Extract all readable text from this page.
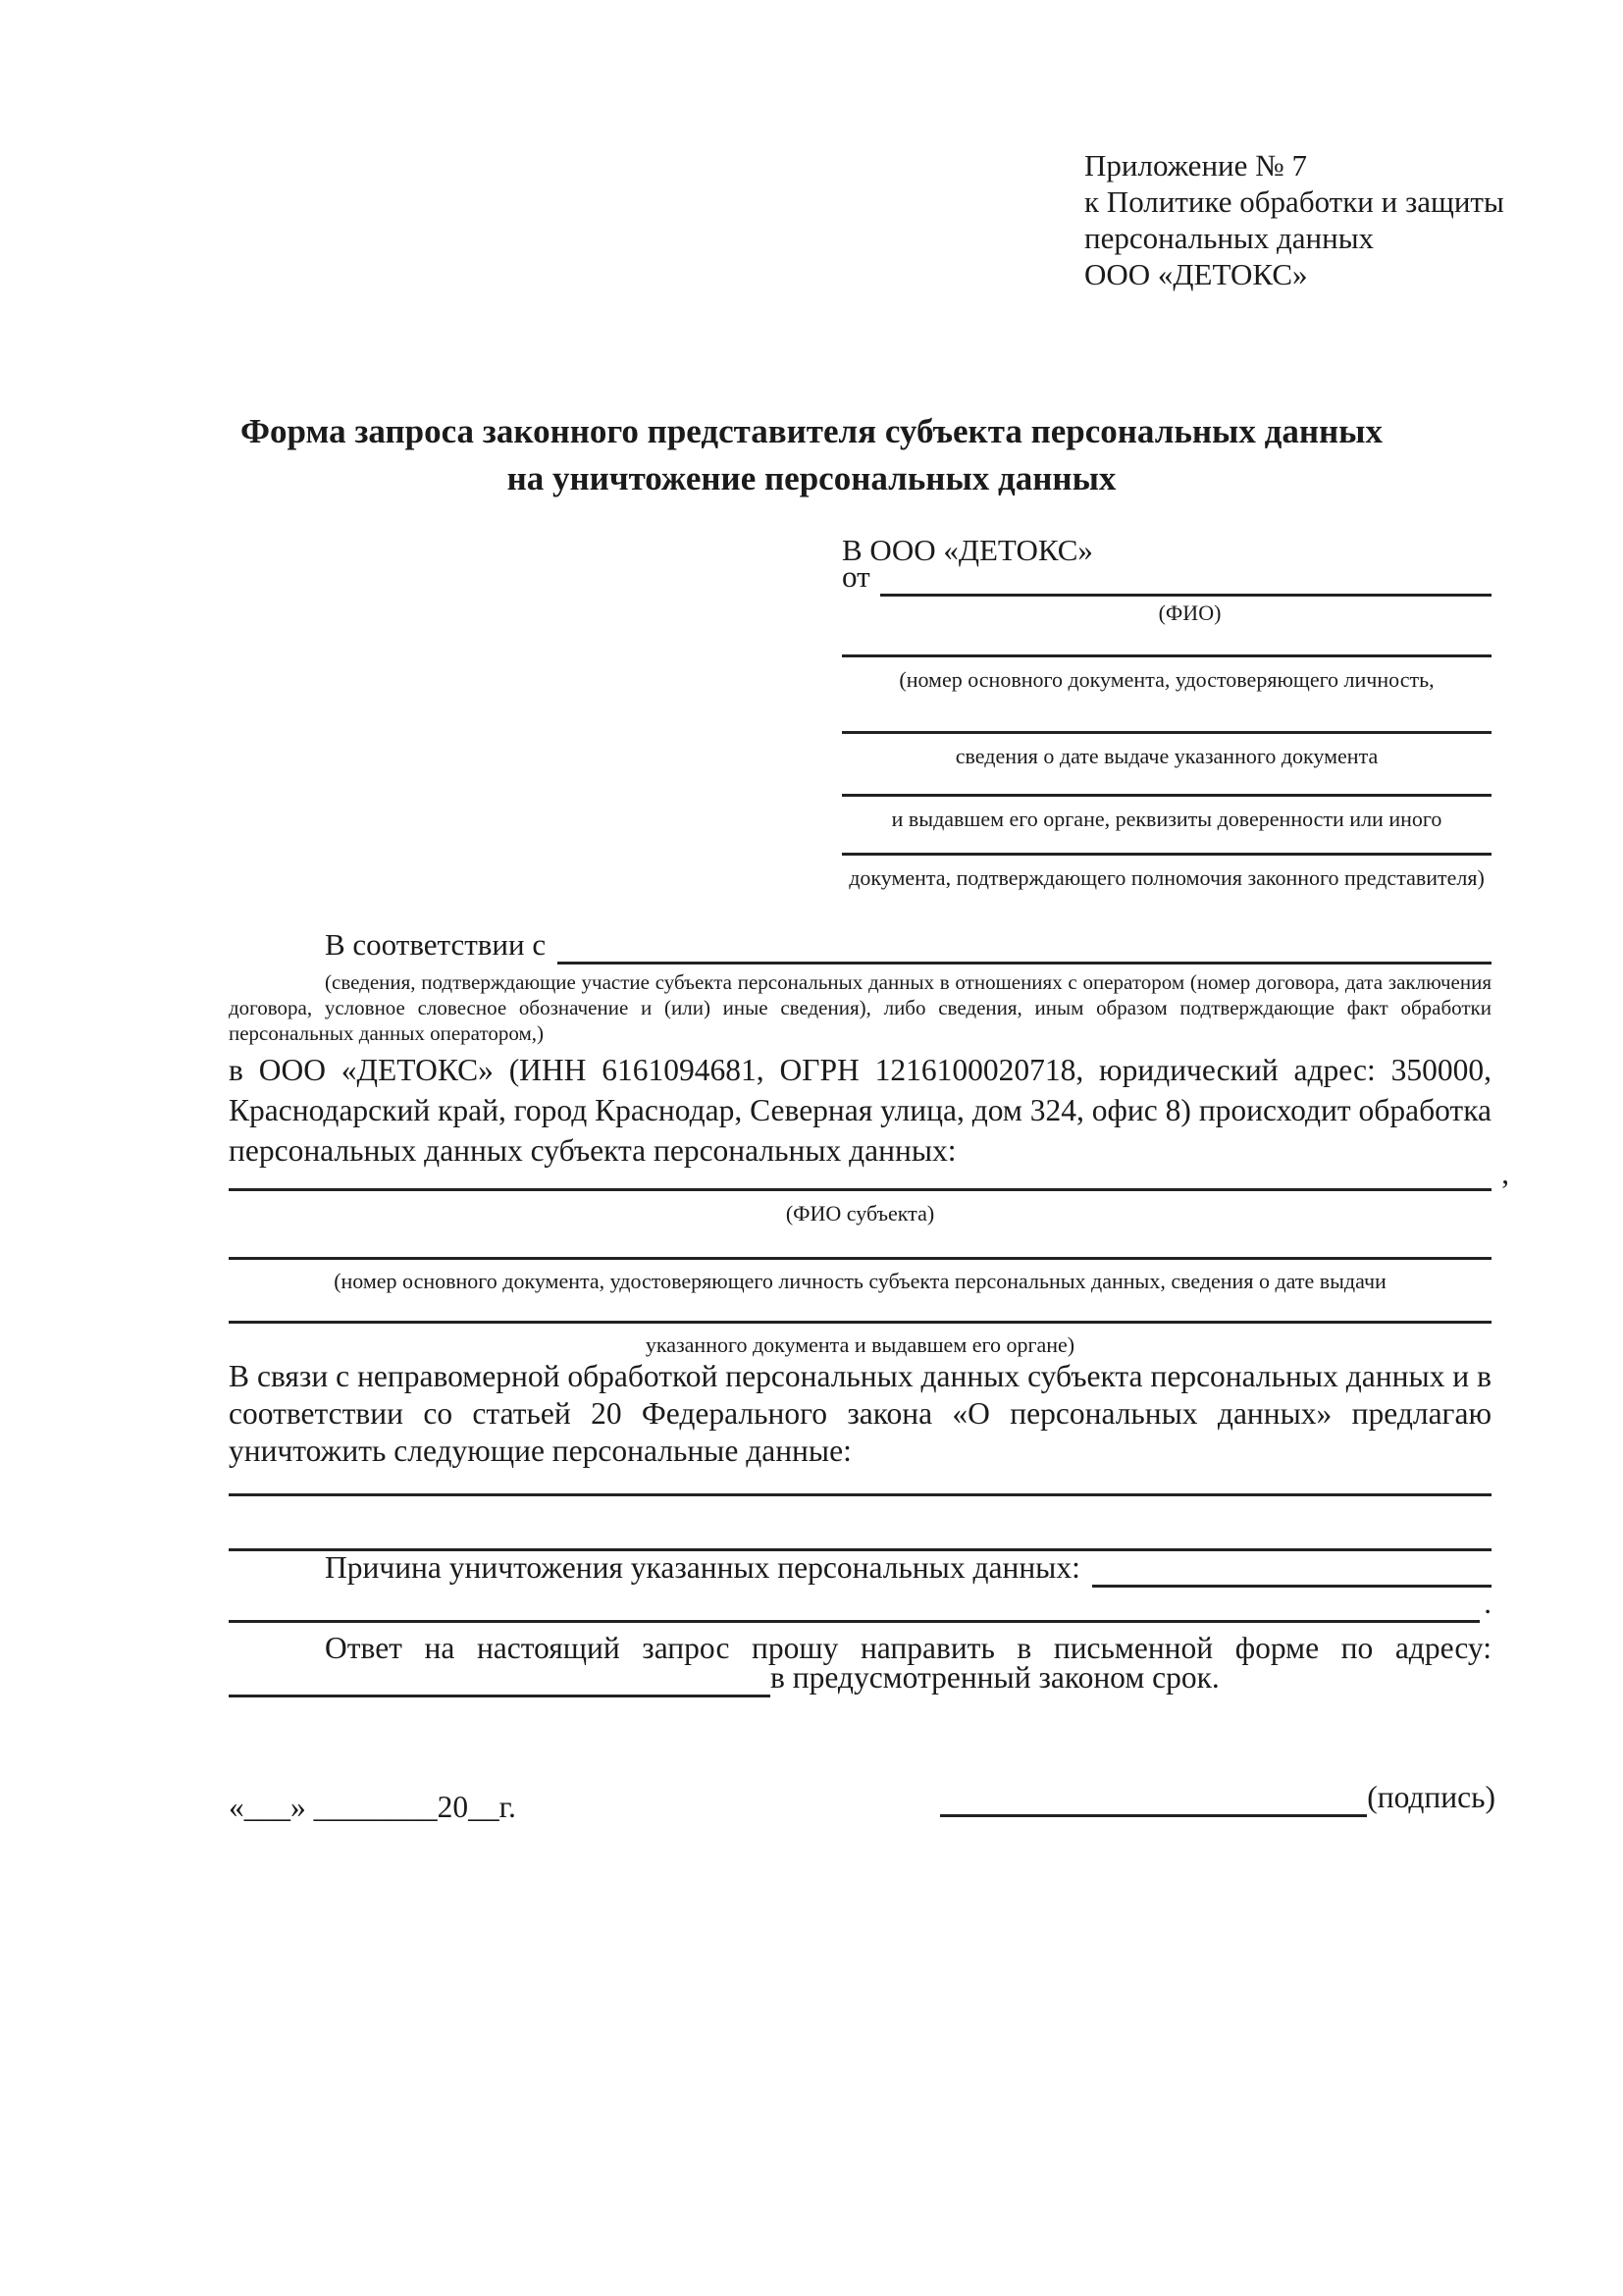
Приложение № 7
к Политике обработки и защиты
персональных данных
ООО «ДЕТОКС»
Форма запроса законного представителя субъекта персональных данных
на уничтожение персональных данных
В ООО «ДЕТОКС»
от
(ФИО)
(номер основного документа, удостоверяющего личность,
сведения о дате выдаче указанного документа
и выдавшем его органе, реквизиты доверенности или иного
документа, подтверждающего полномочия законного представителя)
В соответствии с
(сведения, подтверждающие участие субъекта персональных данных в отношениях с оператором (номер договора, дата заключения договора, условное словесное обозначение и (или) иные сведения), либо сведения, иным образом подтверждающие факт обработки персональных данных оператором,)
в ООО «ДЕТОКС» (ИНН 6161094681, ОГРН 1216100020718, юридический адрес: 350000, Краснодарский край, город Краснодар, Северная улица, дом 324, офис 8) происходит обработка персональных данных субъекта персональных данных:
,
(ФИО субъекта)
(номер основного документа, удостоверяющего личность субъекта персональных данных, сведения о дате выдачи
указанного документа и выдавшем его органе)
В связи с неправомерной обработкой персональных данных субъекта персональных данных и в соответствии со статьей 20 Федерального закона «О персональных данных» предлагаю уничтожить следующие персональные данные:
Причина уничтожения указанных персональных данных:
.
Ответ на настоящий запрос прошу направить в письменной форме по адресу:
в предусмотренный законом срок.
«___» ________20__г.	(подпись)
